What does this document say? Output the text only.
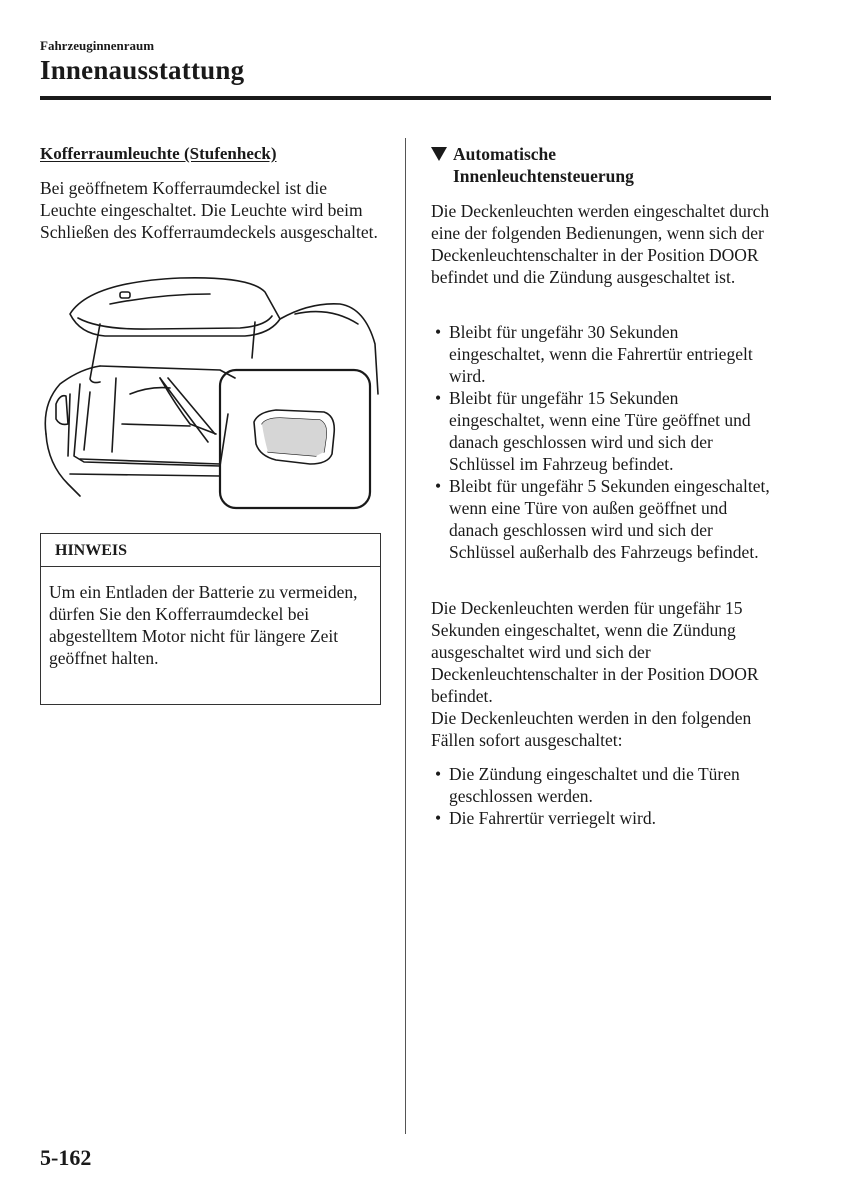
Fahrzeuginnenraum
Innenausstattung
Kofferraumleuchte (Stufenheck)
Bei geöffnetem Kofferraumdeckel ist die Leuchte eingeschaltet. Die Leuchte wird beim Schließen des Kofferraumdeckels ausgeschaltet.
HINWEIS
Um ein Entladen der Batterie zu vermeiden, dürfen Sie den Kofferraumdeckel bei abgestelltem Motor nicht für längere Zeit geöffnet halten.
Automatische
Innenleuchtensteuerung
Die Deckenleuchten werden eingeschaltet durch eine der folgenden Bedienungen, wenn sich der Deckenleuchtenschalter in der Position DOOR befindet und die Zündung ausgeschaltet ist.
• Bleibt für ungefähr 30 Sekunden eingeschaltet, wenn die Fahrertür entriegelt wird.
• Bleibt für ungefähr 15 Sekunden eingeschaltet, wenn eine Türe geöffnet und danach geschlossen wird und sich der Schlüssel im Fahrzeug befindet.
• Bleibt für ungefähr 5 Sekunden eingeschaltet, wenn eine Türe von außen geöffnet und danach geschlossen wird und sich der Schlüssel außerhalb des Fahrzeugs befindet.
Die Deckenleuchten werden für ungefähr 15 Sekunden eingeschaltet, wenn die Zündung ausgeschaltet wird und sich der Deckenleuchtenschalter in der Position DOOR befindet.
Die Deckenleuchten werden in den folgenden Fällen sofort ausgeschaltet:
• Die Zündung eingeschaltet und die Türen geschlossen werden.
• Die Fahrertür verriegelt wird.
5-162
